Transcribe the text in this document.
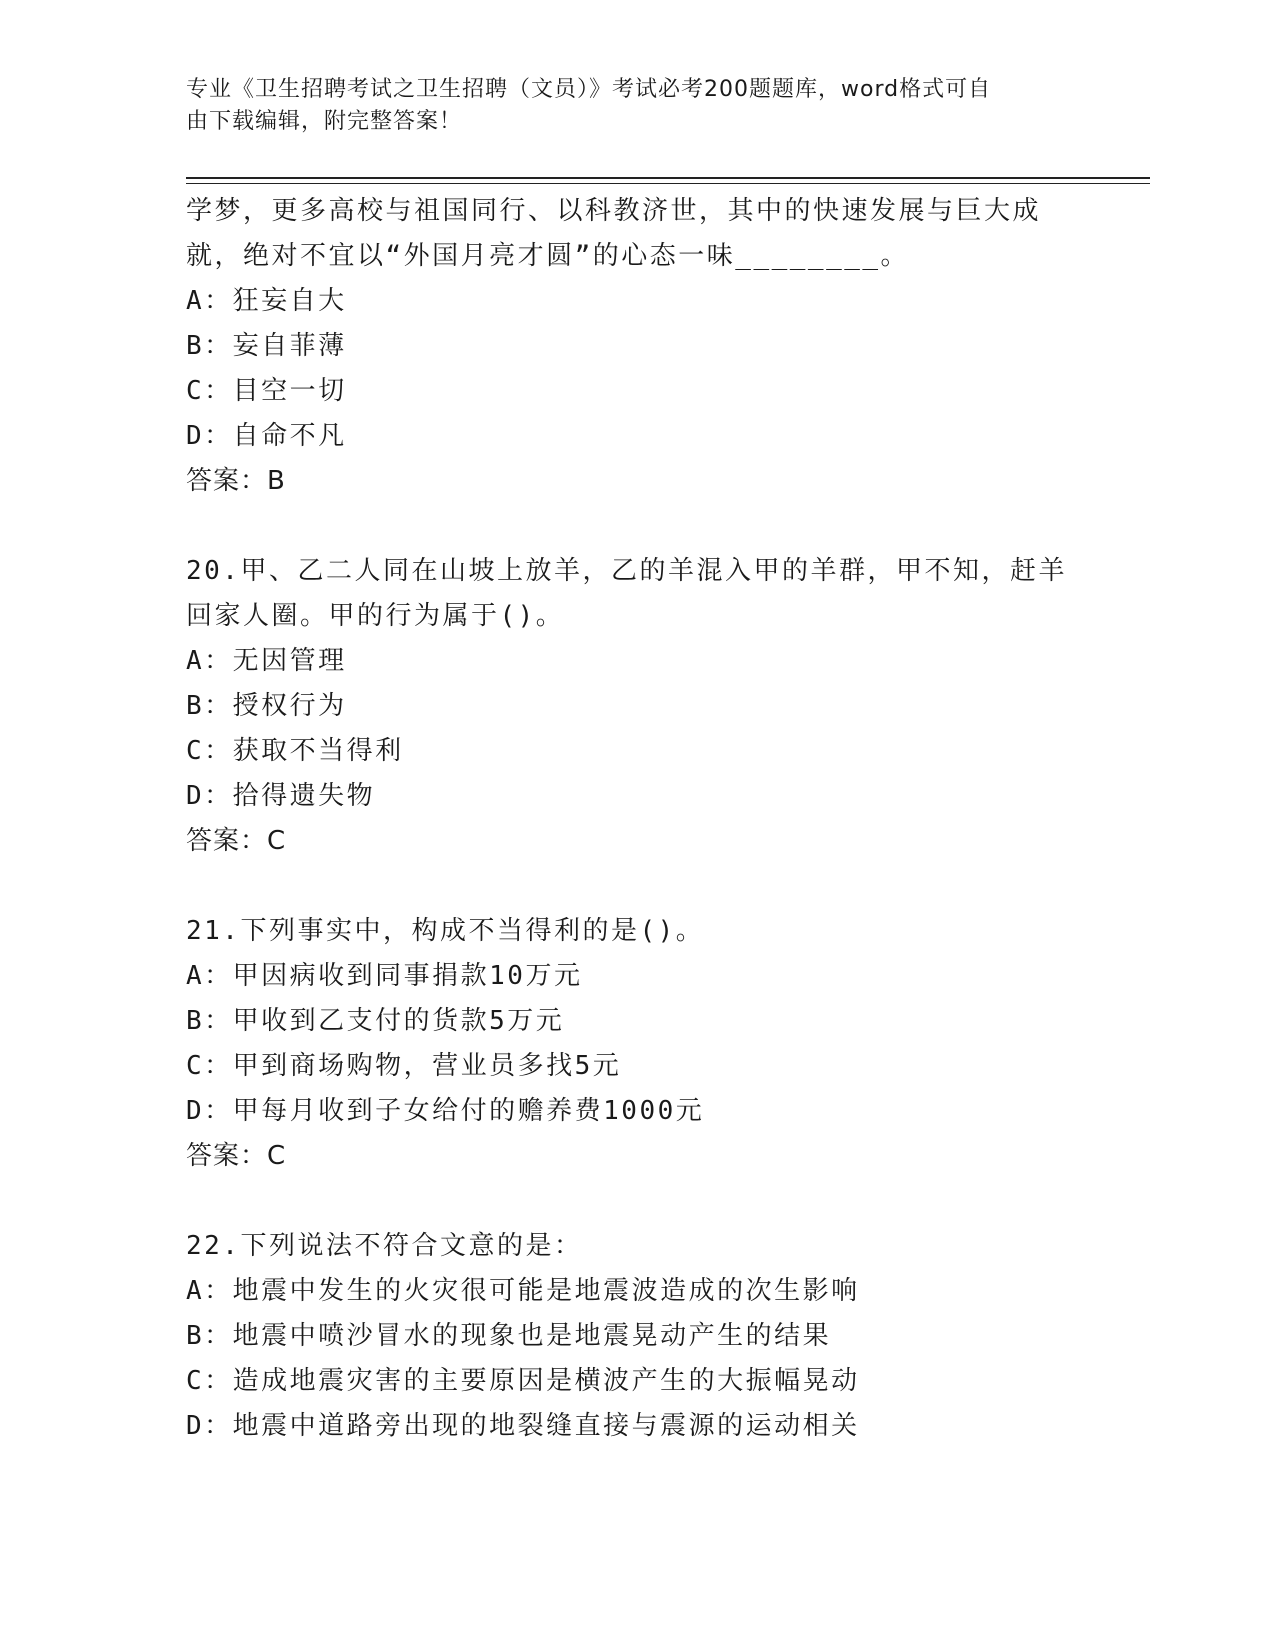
专业《卫生招聘考试之卫生招聘（文员）》考试必考200题题库，word格式可自
由下载编辑，附完整答案！

学梦，更多高校与祖国同行、以科教济世，其中的快速发展与巨大成

就，绝对不宜以“外国月亮才圆”的心态一味________。

A：狂妄自大

B：妄自菲薄

C：目空一切

D：自命不凡

答案：B

20.甲、乙二人同在山坡上放羊，乙的羊混入甲的羊群，甲不知，赶羊

回家人圈。甲的行为属于()。

A：无因管理

B：授权行为

C：获取不当得利

D：拾得遗失物

答案：C

21.下列事实中，构成不当得利的是()。

A：甲因病收到同事捐款10万元

B：甲收到乙支付的货款5万元

C：甲到商场购物，营业员多找5元

D：甲每月收到子女给付的赡养费1000元

答案：C

22.下列说法不符合文意的是：

A：地震中发生的火灾很可能是地震波造成的次生影响

B：地震中喷沙冒水的现象也是地震晃动产生的结果

C：造成地震灾害的主要原因是横波产生的大振幅晃动

D：地震中道路旁出现的地裂缝直接与震源的运动相关
